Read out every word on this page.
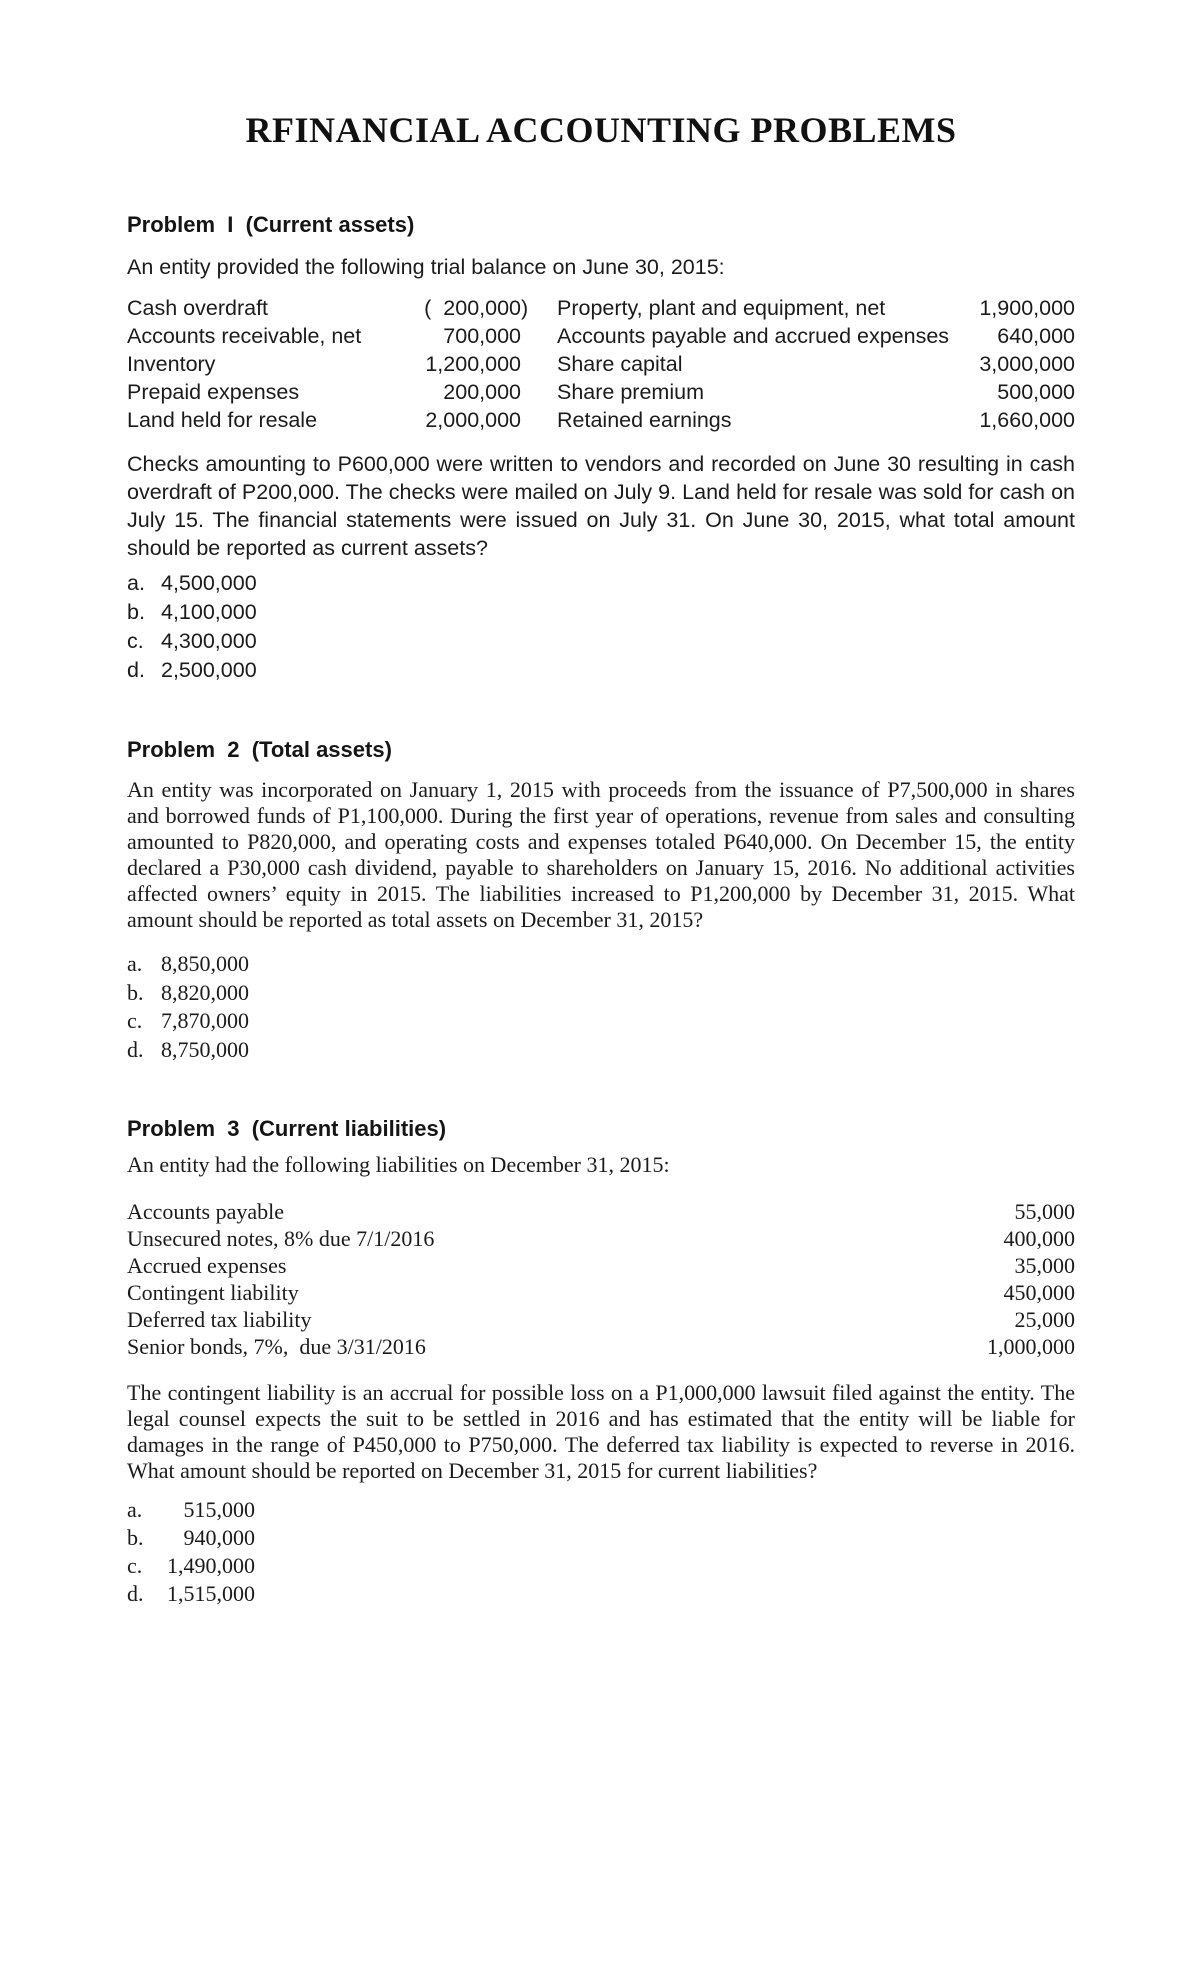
RFINANCIAL ACCOUNTING PROBLEMS
Problem  I  (Current assets)
An entity provided the following trial balance on June 30, 2015:
Cash overdraft	(  200,000)	Property, plant and equipment, net	1,900,000
Accounts receivable, net	700,000	Accounts payable and accrued expenses	640,000
Inventory	1,200,000	Share capital	3,000,000
Prepaid expenses	200,000	Share premium	500,000
Land held for resale	2,000,000	Retained earnings	1,660,000
Checks amounting to P600,000 were written to vendors and recorded on June 30 resulting in cash overdraft of P200,000. The checks were mailed on July 9. Land held for resale was sold for cash on July 15. The financial statements were issued on July 31. On June 30, 2015, what total amount should be reported as current assets?
a. 4,500,000
b. 4,100,000
c. 4,300,000
d. 2,500,000
Problem  2  (Total assets)
An entity was incorporated on January 1, 2015 with proceeds from the issuance of P7,500,000 in shares and borrowed funds of P1,100,000. During the first year of operations, revenue from sales and consulting amounted to P820,000, and operating costs and expenses totaled P640,000. On December 15, the entity declared a P30,000 cash dividend, payable to shareholders on January 15, 2016. No additional activities affected owners’ equity in 2015. The liabilities increased to P1,200,000 by December 31, 2015. What amount should be reported as total assets on December 31, 2015?
a. 8,850,000
b. 8,820,000
c. 7,870,000
d. 8,750,000
Problem  3  (Current liabilities)
An entity had the following liabilities on December 31, 2015:
Accounts payable	55,000
Unsecured notes, 8% due 7/1/2016	400,000
Accrued expenses	35,000
Contingent liability	450,000
Deferred tax liability	25,000
Senior bonds, 7%,  due 3/31/2016	1,000,000
The contingent liability is an accrual for possible loss on a P1,000,000 lawsuit filed against the entity. The legal counsel expects the suit to be settled in 2016 and has estimated that the entity will be liable for damages in the range of P450,000 to P750,000. The deferred tax liability is expected to reverse in 2016. What amount should be reported on December 31, 2015 for current liabilities?
a.	515,000
b.	940,000
c.	1,490,000
d.	1,515,000
